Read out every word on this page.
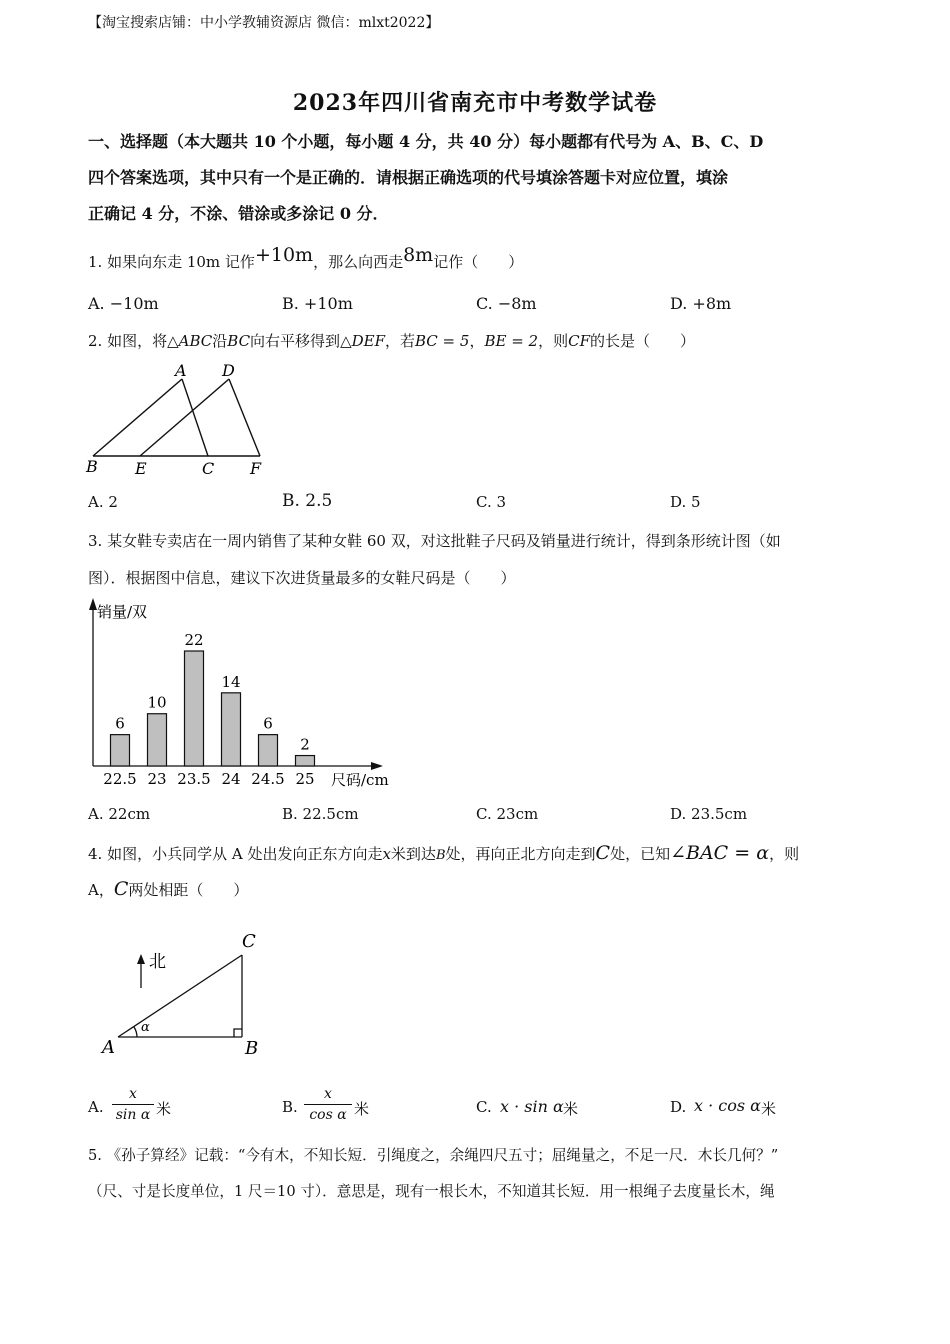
【淘宝搜索店铺：中小学教辅资源店 微信：mlxt2022】
2023年四川省南充市中考数学试卷
一、选择题（本大题共 10 个小题，每小题 4 分，共 40 分）每小题都有代号为 A、B、C、D
四个答案选项，其中只有一个是正确的．请根据正确选项的代号填涂答题卡对应位置，填涂
正确记 4 分，不涂、错涂或多涂记 0 分．
1. 如果向东走 10m 记作+10m，那么向西走8m记作（　　）
A. −10m	B. +10m	C. −8m	D. +8m
2. 如图，将△ABC沿BC向右平移得到△DEF，若BC = 5，BE = 2，则CF的长是（　　）
A D
B E	C F
A. 2	B. 2.5	C. 3	D. 5
3. 某女鞋专卖店在一周内销售了某种女鞋 60 双，对这批鞋子尺码及销量进行统计，得到条形统计图（如
图）．根据图中信息，建议下次进货量最多的女鞋尺码是（　　）
销量/双
尺码/cm
6
22.5
10
23
22
23.5
14
24
6
24.5
2
25
A. 22cm	B. 22.5cm	C. 23cm	D. 23.5cm
4. 如图，小兵同学从 A 处出发向正东方向走x米到达B处，再向正北方向走到C处，已知∠BAC = α，则
A，C两处相距（　　）
北
C
A	B
α
A. $\frac{x}{\text{sin α}}$ 米	B. $\frac{x}{\text{cos α}}$ 米	C. x · sin α 米	D. x · cos α 米
5. 《孙子算经》记载：“今有木，不知长短．引绳度之，余绳四尺五寸；屈绳量之，不足一尺．木长几何？”
（尺、寸是长度单位，1 尺＝10 寸）．意思是，现有一根长木，不知道其长短．用一根绳子去度量长木，绳
